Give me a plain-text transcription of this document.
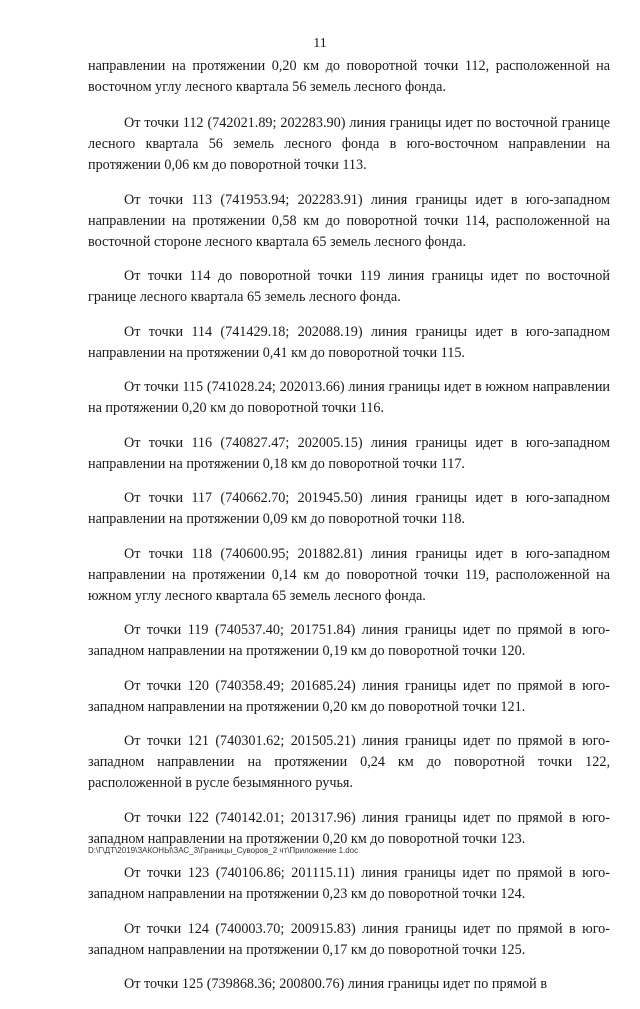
11

направлении на протяжении 0,20 км до поворотной точки 112, расположенной на восточном углу лесного квартала 56 земель лесного фонда.

От точки 112 (742021.89; 202283.90) линия границы идет по восточной границе лесного квартала 56 земель лесного фонда в юго-восточном направлении на протяжении 0,06 км до поворотной точки 113.

От точки 113 (741953.94; 202283.91) линия границы идет в юго-западном направлении на протяжении 0,58 км до поворотной точки 114, расположенной на восточной стороне лесного квартала 65 земель лесного фонда.

От точки 114 до поворотной точки 119 линия границы идет по восточной границе лесного квартала 65 земель лесного фонда.

От точки 114 (741429.18; 202088.19) линия границы идет в юго-западном направлении на протяжении 0,41 км до поворотной точки 115.

От точки 115 (741028.24; 202013.66) линия границы идет в южном направлении на протяжении 0,20 км до поворотной точки 116.

От точки 116 (740827.47; 202005.15) линия границы идет в юго-западном направлении на протяжении 0,18 км до поворотной точки 117.

От точки 117 (740662.70; 201945.50) линия границы идет в юго-западном направлении на протяжении 0,09 км до поворотной точки 118.

От точки 118 (740600.95; 201882.81) линия границы идет в юго-западном направлении на протяжении 0,14 км до поворотной точки 119, расположенной на южном углу лесного квартала 65 земель лесного фонда.

От точки 119 (740537.40; 201751.84) линия границы идет по прямой в юго-западном направлении на протяжении 0,19 км до поворотной точки 120.

От точки 120 (740358.49; 201685.24) линия границы идет по прямой в юго-западном направлении на протяжении 0,20 км до поворотной точки 121.

От точки 121 (740301.62; 201505.21) линия границы идет по прямой в юго-западном направлении на протяжении 0,24 км до поворотной точки 122, расположенной в русле безымянного ручья.

От точки 122 (740142.01; 201317.96) линия границы идет по прямой в юго-западном направлении на протяжении 0,20 км до поворотной точки 123.

От точки 123 (740106.86; 201115.11) линия границы идет по прямой в юго-западном направлении на протяжении 0,23 км до поворотной точки 124.

От точки 124 (740003.70; 200915.83) линия границы идет по прямой в юго-западном направлении на протяжении 0,17 км до поворотной точки 125.

От точки 125 (739868.36; 200800.76) линия границы идет по прямой в

D:\Г\ДТ\2019\ЗАКОНЫ\ЗАС_3\Границы_Суворов_2 чт\Приложение 1.doc
